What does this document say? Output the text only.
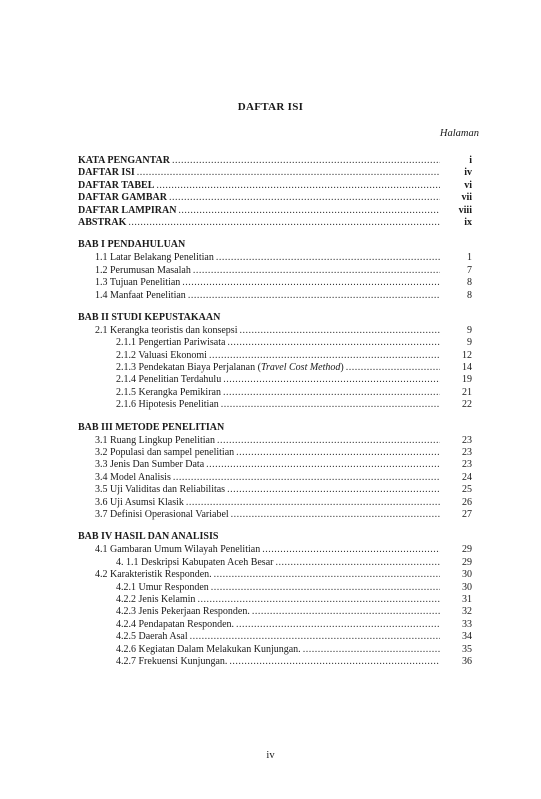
DAFTAR ISI
Halaman
KATA PENGANTAR .....	i
DAFTAR ISI .....	iv
DAFTAR TABEL .....	vi
DAFTAR GAMBAR .....	vii
DAFTAR LAMPIRAN .....	viii
ABSTRAK .....	ix
BAB I PENDAHULUAN
1.1 Latar Belakang Penelitian .....	1
1.2 Perumusan Masalah .....	7
1.3 Tujuan Penelitian .....	8
1.4 Manfaat Penelitian .....	8
BAB II STUDI KEPUSTAKAAN
2.1 Kerangka teoristis dan konsepsi .....	9
2.1.1 Pengertian Pariwisata .....	9
2.1.2 Valuasi Ekonomi .....	12
2.1.3 Pendekatan Biaya Perjalanan (Travel Cost Method) .....	14
2.1.4 Penelitian Terdahulu .....	19
2.1.5 Kerangka Pemikiran .....	21
2.1.6 Hipotesis Penelitian .....	22
BAB III METODE PENELITIAN
3.1 Ruang Lingkup Penelitian .....	23
3.2 Populasi dan sampel penelitian .....	23
3.3 Jenis Dan Sumber Data .....	23
3.4 Model Analisis .....	24
3.5 Uji Validitas dan Reliabilitas .....	25
3.6 Uji Asumsi Klasik .....	26
3.7 Definisi Operasional Variabel .....	27
BAB IV HASIL DAN ANALISIS
4.1 Gambaran Umum Wilayah Penelitian .....	29
4. 1.1 Deskripsi Kabupaten Aceh Besar .....	29
4.2 Karakteristik Responden. .....	30
4.2.1 Umur Responden .....	30
4.2.2 Jenis Kelamin .....	31
4.2.3 Jenis Pekerjaan Responden. .....	32
4.2.4 Pendapatan Responden. .....	33
4.2.5 Daerah Asal .....	34
4.2.6 Kegiatan Dalam Melakukan Kunjungan. .....	35
4.2.7 Frekuensi Kunjungan. .....	36
iv
